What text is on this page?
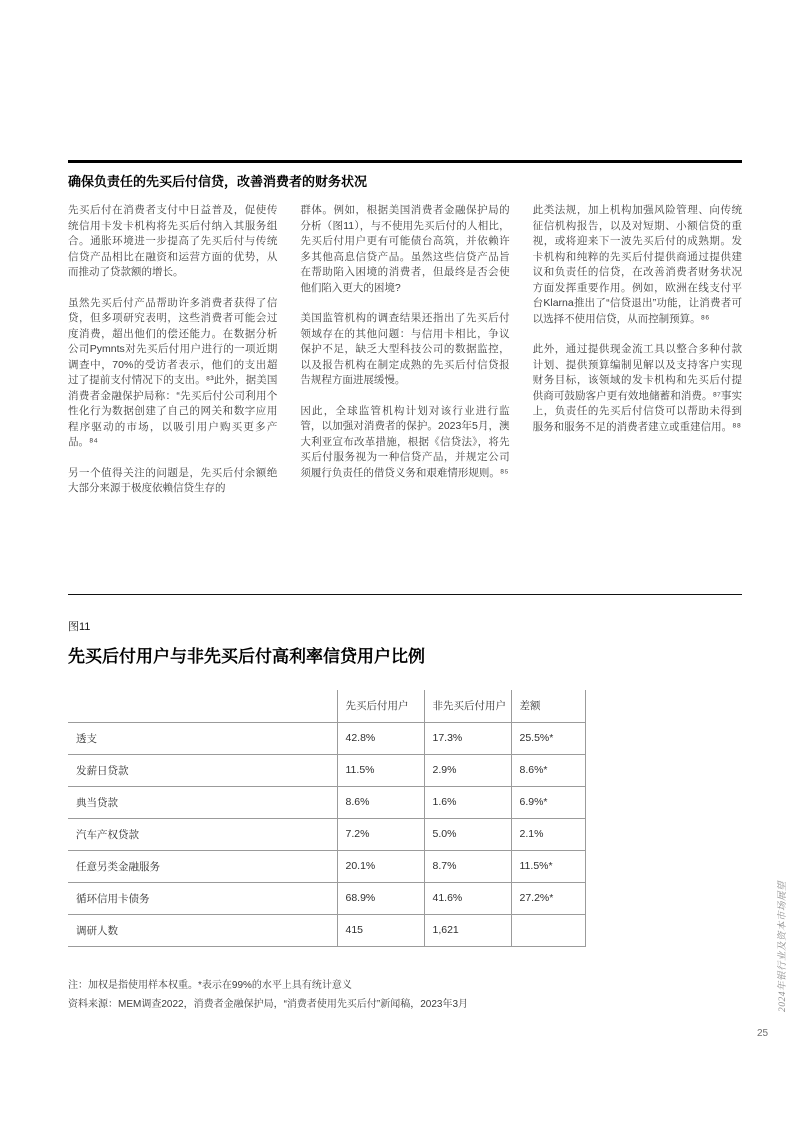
确保负责任的先买后付信贷，改善消费者的财务状况

先买后付在消费者支付中日益普及，促使传统信用卡发卡机构将先买后付纳入其服务组合。通胀环境进一步提高了先买后付与传统信贷产品相比在融资和运营方面的优势，从而推动了贷款额的增长。

虽然先买后付产品帮助许多消费者获得了信贷，但多项研究表明，这些消费者可能会过度消费，超出他们的偿还能力。在数据分析公司Pymnts对先买后付用户进行的一项近期调查中，70%的受访者表示，他们的支出超过了提前支付情况下的支出。⁸³此外，据美国消费者金融保护局称：“先买后付公司利用个性化行为数据创建了自己的网关和数字应用程序驱动的市场，以吸引用户购买更多产品。⁸⁴

另一个值得关注的问题是，先买后付余额绝大部分来源于极度依赖信贷生存的

群体。例如，根据美国消费者金融保护局的分析（图11），与不使用先买后付的人相比，先买后付用户更有可能债台高筑，并依赖许多其他高息信贷产品。虽然这些信贷产品旨在帮助陷入困境的消费者，但最终是否会使他们陷入更大的困境?

美国监管机构的调查结果还指出了先买后付领域存在的其他问题：与信用卡相比，争议保护不足，缺乏大型科技公司的数据监控，以及报告机构在制定成熟的先买后付信贷报告规程方面进展缓慢。

因此，全球监管机构计划对该行业进行监管，以加强对消费者的保护。2023年5月，澳大利亚宣布改革措施，根据《信贷法》，将先买后付服务视为一种信贷产品，并规定公司须履行负责任的借贷义务和艰难情形规则。⁸⁵

此类法规，加上机构加强风险管理、向传统征信机构报告，以及对短期、小额信贷的重视，或将迎来下一波先买后付的成熟期。发卡机构和纯粹的先买后付提供商通过提供建议和负责任的信贷，在改善消费者财务状况方面发挥重要作用。例如，欧洲在线支付平台Klarna推出了“信贷退出”功能，让消费者可以选择不使用信贷，从而控制预算。⁸⁶

此外，通过提供现金流工具以整合多种付款计划、提供预算编制见解以及支持客户实现财务目标，该领域的发卡机构和先买后付提供商可鼓励客户更有效地储蓄和消费。⁸⁷事实上，负责任的先买后付信贷可以帮助未得到服务和服务不足的消费者建立或重建信用。⁸⁸

图11
先买后付用户与非先买后付高利率信贷用户比例
	先买后付用户	非先买后付用户	差额
透支	42.8%	17.3%	25.5%*
发薪日贷款	11.5%	2.9%	8.6%*
典当贷款	8.6%	1.6%	6.9%*
汽车产权贷款	7.2%	5.0%	2.1%
任意另类金融服务	20.1%	8.7%	11.5%*
循环信用卡债务	68.9%	41.6%	27.2%*
调研人数	415	1,621	

注：加权是指使用样本权重。*表示在99%的水平上具有统计意义

资料来源：MEM调查2022，消费者金融保护局，“消费者使用先买后付”新闻稿，2023年3月	2024年银行业及资本市场展望
25
